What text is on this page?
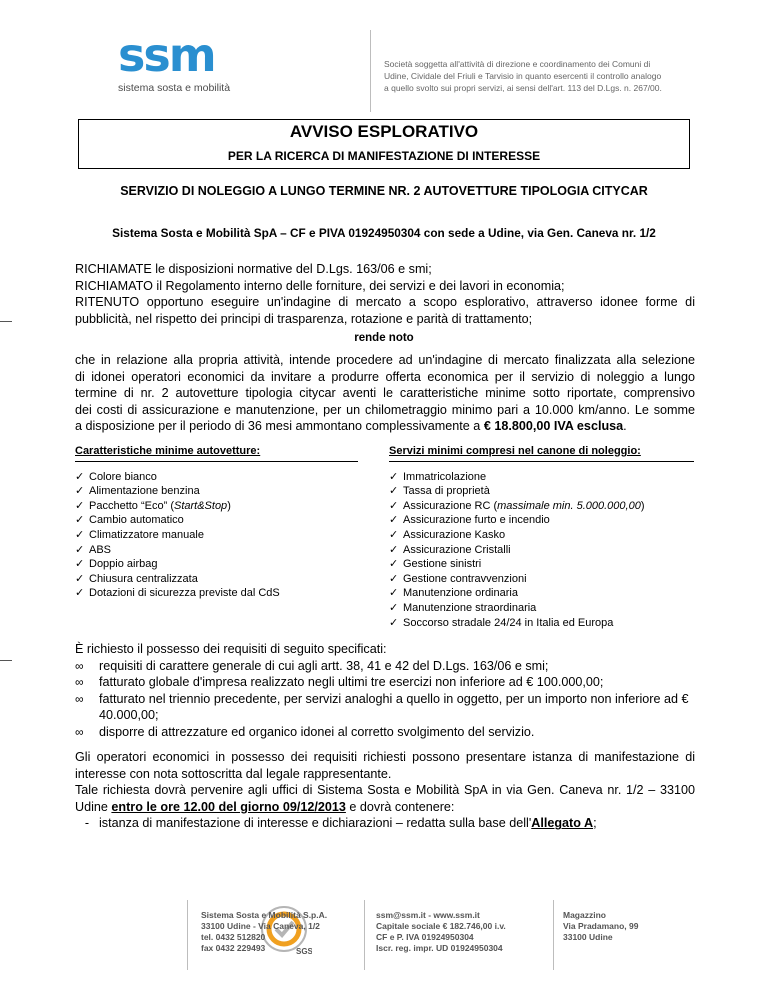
ssm
sistema sosta e mobilità
Società soggetta all'attività di direzione e coordinamento dei Comuni di
Udine, Cividale del Friuli e Tarvisio in quanto esercenti il controllo analogo
a quello svolto sui propri servizi, ai sensi dell'art. 113 del D.Lgs. n. 267/00.
AVVISO ESPLORATIVO
PER LA RICERCA DI MANIFESTAZIONE DI INTERESSE
SERVIZIO DI NOLEGGIO A LUNGO TERMINE NR. 2 AUTOVETTURE TIPOLOGIA CITYCAR
Sistema Sosta e Mobilità SpA – CF e PIVA 01924950304 con sede a Udine, via Gen. Caneva nr. 1/2
RICHIAMATE le disposizioni normative del D.Lgs. 163/06 e smi;
RICHIAMATO il Regolamento interno delle forniture, dei servizi e dei lavori in economia;
RITENUTO opportuno eseguire un'indagine di mercato a scopo esplorativo, attraverso idonee forme di
pubblicità, nel rispetto dei principi di trasparenza, rotazione e parità di trattamento;
rende noto
che in relazione alla propria attività, intende procedere ad un'indagine di mercato finalizzata alla selezione
di idonei operatori economici da invitare a produrre offerta economica per il servizio di noleggio a lungo
termine di nr. 2 autovetture tipologia citycar aventi le caratteristiche minime sotto riportate, comprensivo
dei costi di assicurazione e manutenzione, per un chilometraggio minimo pari a 10.000 km/anno. Le somme
a disposizione per il periodo di 36 mesi ammontano complessivamente a € 18.800,00 IVA esclusa.
Caratteristiche minime autovetture:
✓ Colore bianco
✓ Alimentazione benzina
✓ Pacchetto “Eco” (Start&Stop)
✓ Cambio automatico
✓ Climatizzatore manuale
✓ ABS
✓ Doppio airbag
✓ Chiusura centralizzata
✓ Dotazioni di sicurezza previste dal CdS
Servizi minimi compresi nel canone di noleggio:
✓ Immatricolazione
✓ Tassa di proprietà
✓ Assicurazione RC (massimale min. 5.000.000,00)
✓ Assicurazione furto e incendio
✓ Assicurazione Kasko
✓ Assicurazione Cristalli
✓ Gestione sinistri
✓ Gestione contravvenzioni
✓ Manutenzione ordinaria
✓ Manutenzione straordinaria
✓ Soccorso stradale 24/24 in Italia ed Europa
È richiesto il possesso dei requisiti di seguito specificati:
∞	requisiti di carattere generale di cui agli artt. 38, 41 e 42 del D.Lgs. 163/06 e smi;
∞	fatturato globale d'impresa realizzato negli ultimi tre esercizi non inferiore ad € 100.000,00;
∞	fatturato nel triennio precedente, per servizi analoghi a quello in oggetto, per un importo non inferiore ad € 40.000,00;
∞	disporre di attrezzature ed organico idonei al corretto svolgimento del servizio.
Gli operatori economici in possesso dei requisiti richiesti possono presentare istanza di manifestazione di
interesse con nota sottoscritta dal legale rappresentante.
Tale richiesta dovrà pervenire agli uffici di Sistema Sosta e Mobilità SpA in via Gen. Caneva nr. 1/2 – 33100
Udine entro le ore 12.00 del giorno 09/12/2013 e dovrà contenere:
- istanza di manifestazione di interesse e dichiarazioni – redatta sulla base dell'Allegato A;
SGS
Sistema Sosta e Mobilità S.p.A.
33100 Udine - Via Caneva, 1/2
tel. 0432 512820
fax 0432 229493
ssm@ssm.it - www.ssm.it
Capitale sociale € 182.746,00 i.v.
CF e P. IVA 01924950304
Iscr. reg. impr. UD 01924950304
Magazzino
Via Pradamano, 99
33100 Udine
